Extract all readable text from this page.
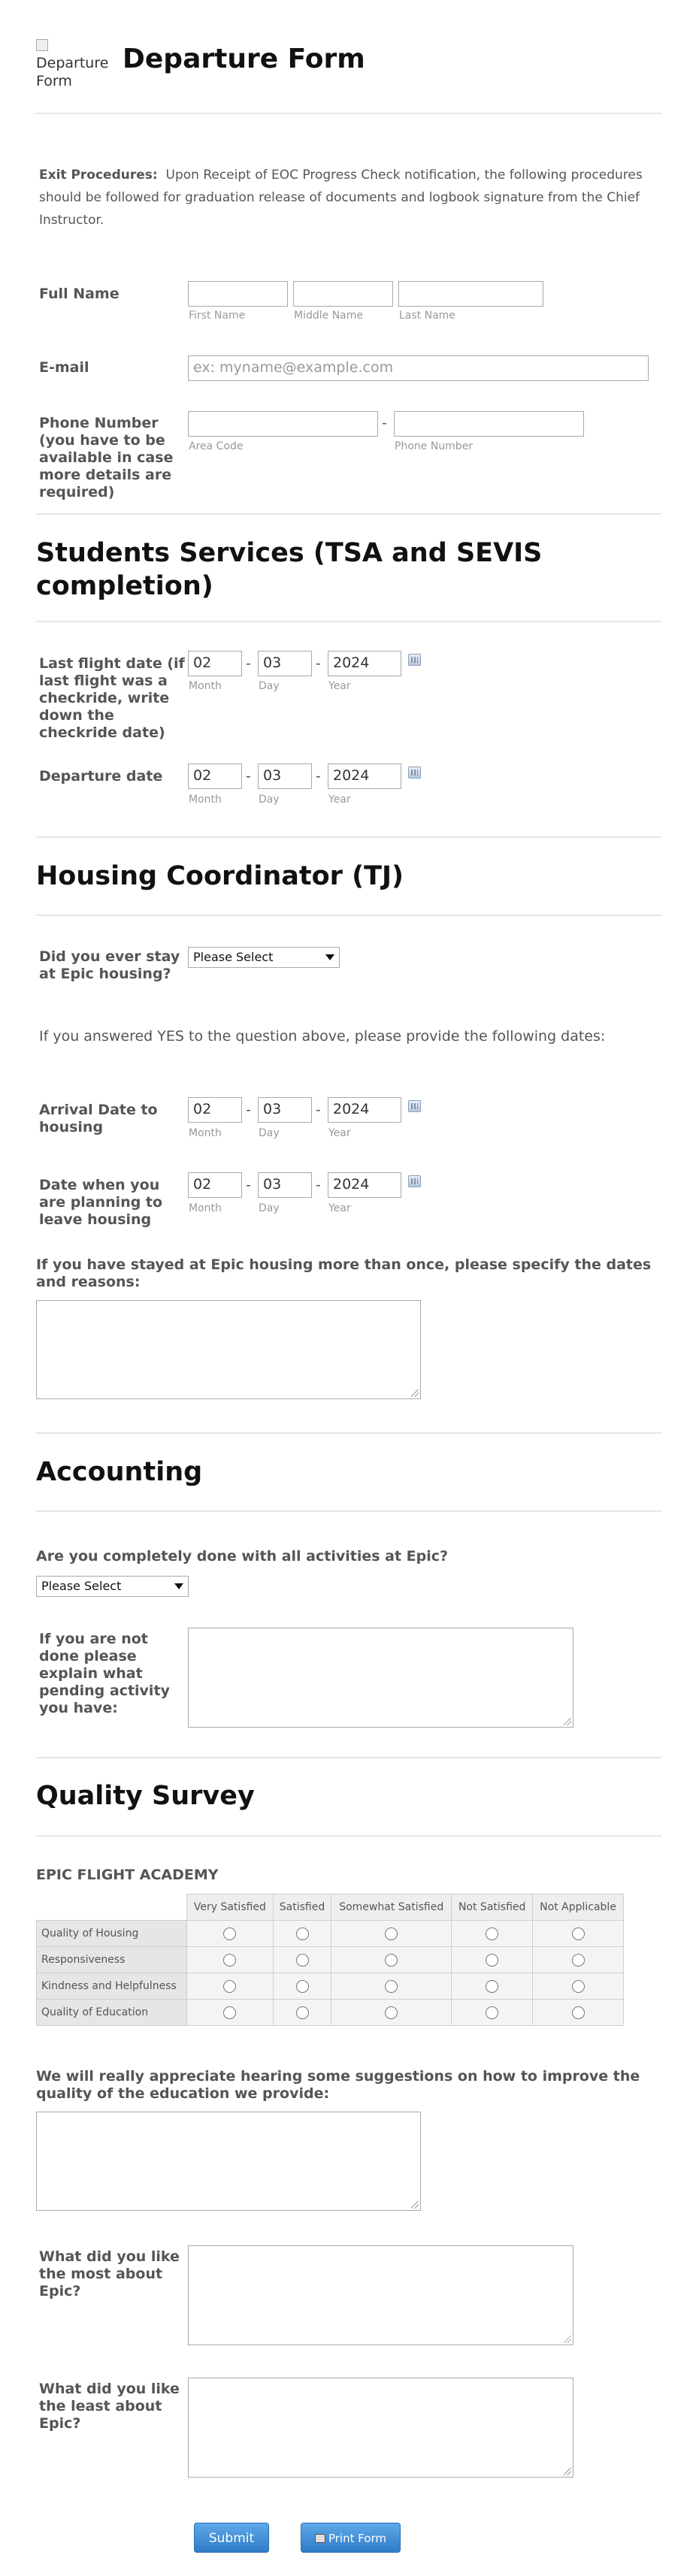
Departure Form
Departure Form
Exit Procedures: Upon Receipt of EOC Progress Check notification, the following procedures should be followed for graduation release of documents and logbook signature from the Chief Instructor.
Full Name
First Name	Middle Name	Last Name
E-mail	ex: myname@example.com
Phone Number (you have to be available in case more details are required)
-
Area Code	Phone Number
Students Services (TSA and SEVIS completion)
Last flight date (if last flight was a checkride, write down the checkride date)
02	- 03	- 2024
Month	Day	Year
Departure date	02	- 03	- 2024
Month	Day	Year
Housing Coordinator (TJ)
Did you ever stay at Epic housing?
Please Select
If you answered YES to the question above, please provide the following dates:
Arrival Date to housing
02	- 03	- 2024
Month	Day	Year
Date when you are planning to leave housing
02	- 03	- 2024
Month	Day	Year
If you have stayed at Epic housing more than once, please specify the dates and reasons:
Accounting
Are you completely done with all activities at Epic?
Please Select
If you are not done please explain what pending activity you have:
Quality Survey
EPIC FLIGHT ACADEMY
	Very Satisfied	Satisfied	Somewhat Satisfied	Not Satisfied	Not Applicable
Quality of Housing					
Responsiveness					
Kindness and Helpfulness					
Quality of Education					
We will really appreciate hearing some suggestions on how to improve the quality of the education we provide:
What did you like the most about Epic?
What did you like the least about Epic?
Submit	Print Form
